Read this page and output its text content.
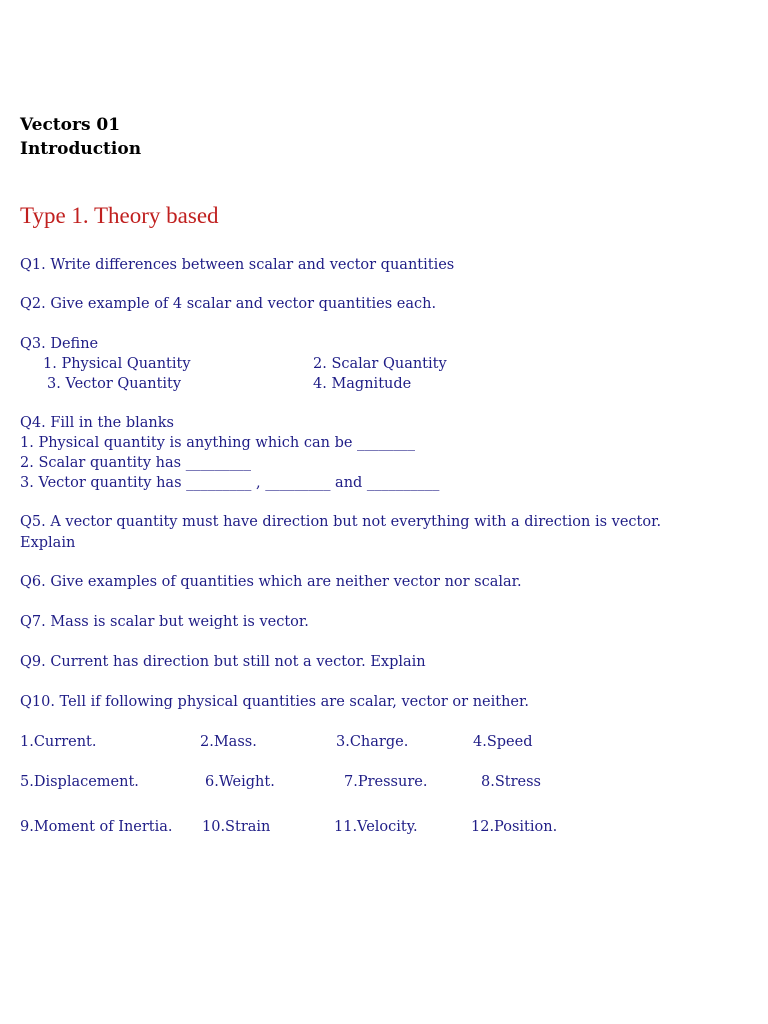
Vectors 01
Introduction
Type 1. Theory based
Q1. Write differences between scalar and vector quantities
Q2. Give example of 4 scalar and vector quantities each.
Q3. Define
1. Physical Quantity	2. Scalar Quantity
3. Vector Quantity	4. Magnitude
Q4. Fill in the blanks
1. Physical quantity is anything which can be ________
2. Scalar quantity has _________
3. Vector quantity has _________ , _________ and __________
Q5. A vector quantity must have direction but not everything with a direction is vector.
Explain
Q6. Give examples of quantities which are neither vector nor scalar.
Q7. Mass is scalar but weight is vector.
Q9. Current has direction but still not a vector. Explain
Q10. Tell if following physical quantities are scalar, vector or neither.
1.Current.	2.Mass.	3.Charge.	4.Speed
5.Displacement.	6.Weight.	7.Pressure.	8.Stress
9.Moment of Inertia. 10.Strain	11.Velocity.	12.Position.
